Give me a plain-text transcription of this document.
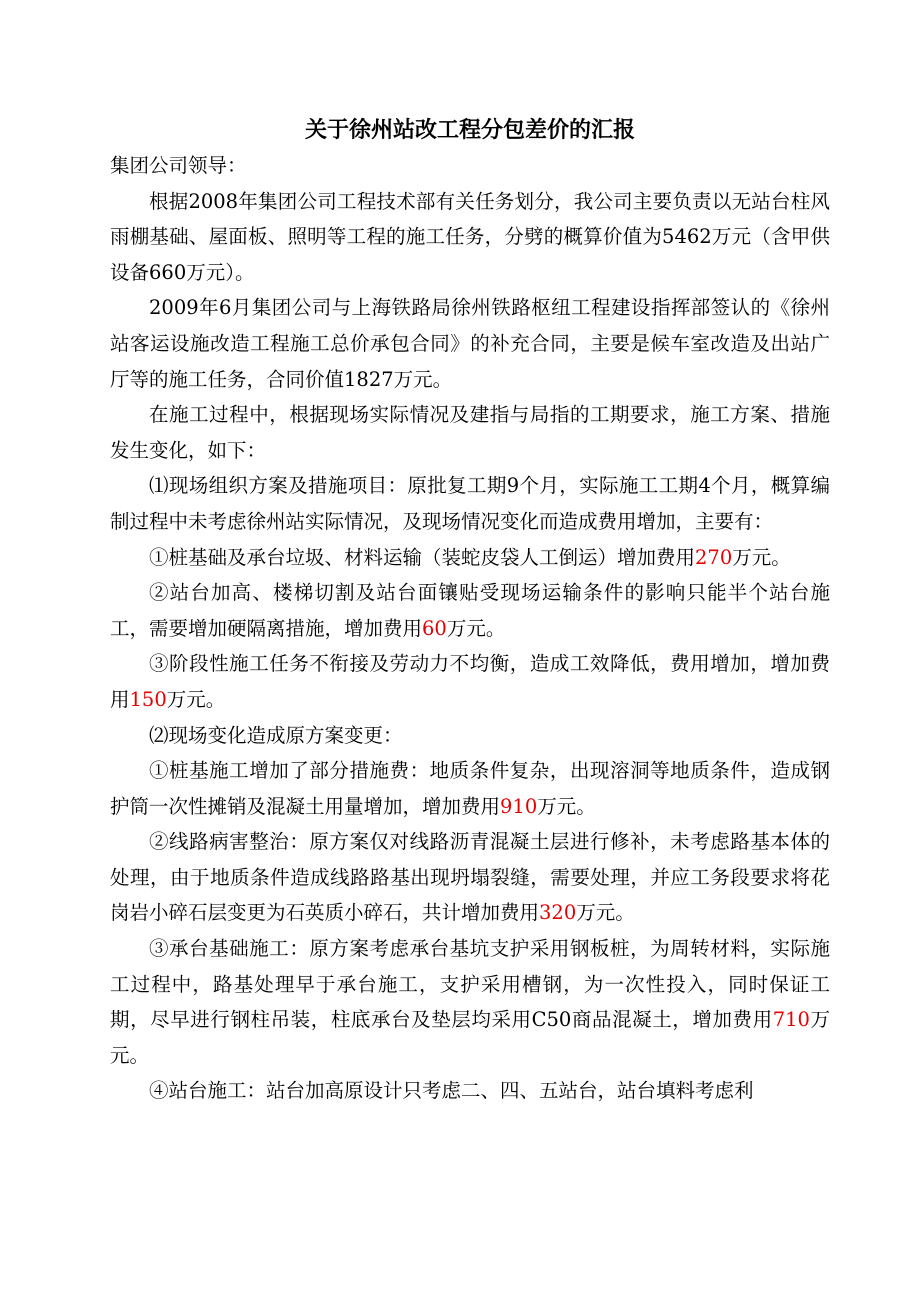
关于徐州站改工程分包差价的汇报

集团公司领导：

根据2008年集团公司工程技术部有关任务划分，我公司主要负责以无站台柱风雨棚基础、屋面板、照明等工程的施工任务，分劈的概算价值为5462万元（含甲供设备660万元）。

2009年6月集团公司与上海铁路局徐州铁路枢纽工程建设指挥部签认的《徐州站客运设施改造工程施工总价承包合同》的补充合同，主要是候车室改造及出站广厅等的施工任务，合同价值1827万元。

在施工过程中，根据现场实际情况及建指与局指的工期要求，施工方案、措施发生变化，如下：

⑴现场组织方案及措施项目：原批复工期9个月，实际施工工期4个月，概算编制过程中未考虑徐州站实际情况，及现场情况变化而造成费用增加，主要有：

①桩基础及承台垃圾、材料运输（装蛇皮袋人工倒运）增加费用270万元。

②站台加高、楼梯切割及站台面镶贴受现场运输条件的影响只能半个站台施工，需要增加硬隔离措施，增加费用60万元。

③阶段性施工任务不衔接及劳动力不均衡，造成工效降低，费用增加，增加费用150万元。

⑵现场变化造成原方案变更：

①桩基施工增加了部分措施费：地质条件复杂，出现溶洞等地质条件，造成钢护筒一次性摊销及混凝土用量增加，增加费用910万元。

②线路病害整治：原方案仅对线路沥青混凝土层进行修补，未考虑路基本体的处理，由于地质条件造成线路路基出现坍塌裂缝，需要处理，并应工务段要求将花岗岩小碎石层变更为石英质小碎石，共计增加费用320万元。

③承台基础施工：原方案考虑承台基坑支护采用钢板桩，为周转材料，实际施工过程中，路基处理早于承台施工，支护采用槽钢，为一次性投入，同时保证工期，尽早进行钢柱吊装，柱底承台及垫层均采用C50商品混凝土，增加费用710万元。

④站台施工：站台加高原设计只考虑二、四、五站台，站台填料考虑利
